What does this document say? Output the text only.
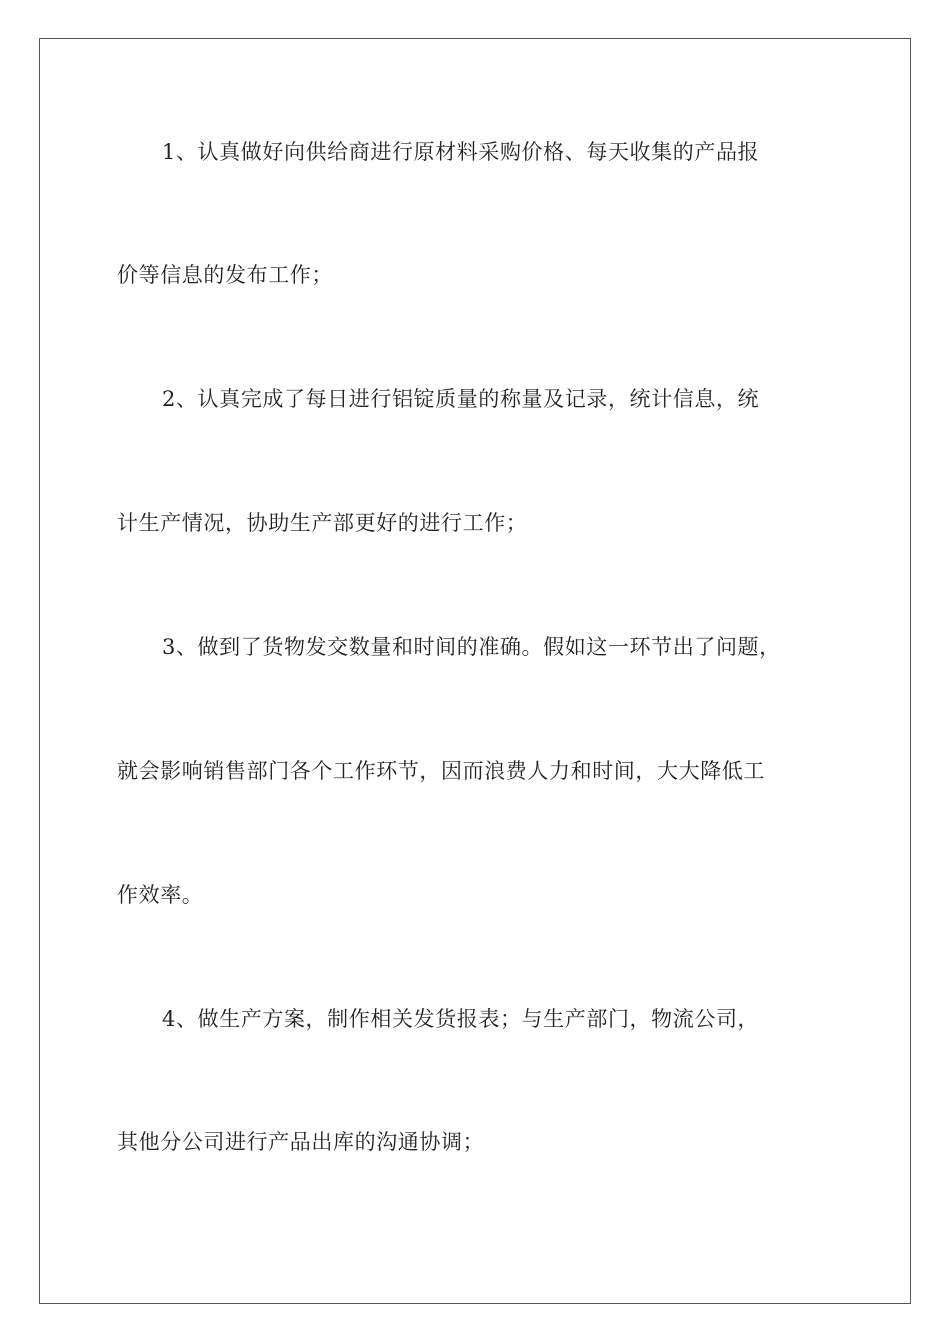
1、认真做好向供给商进行原材料采购价格、每天收集的产品报
价等信息的发布工作；
2、认真完成了每日进行铝锭质量的称量及记录，统计信息，统
计生产情况，协助生产部更好的进行工作；
3、做到了货物发交数量和时间的准确。假如这一环节出了问题，
就会影响销售部门各个工作环节，因而浪费人力和时间，大大降低工
作效率。
4、做生产方案，制作相关发货报表；与生产部门，物流公司，
其他分公司进行产品出库的沟通协调；
